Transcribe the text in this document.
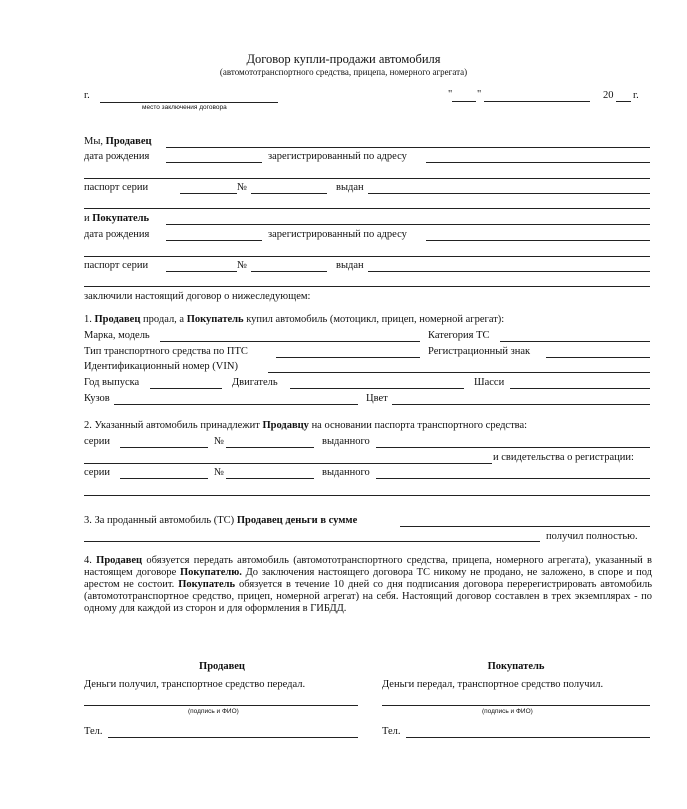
Договор купли-продажи автомобиля
(автомототранспортного средства, прицепа, номерного агрегата)
г.
место заключения договора
" "	20 г.
Мы, Продавец
дата рождения	зарегистрированный по адресу
паспорт серии	№	выдан
и Покупатель
дата рождения	зарегистрированный по адресу
паспорт серии	№	выдан
заключили настоящий договор о нижеследующем:
1. Продавец продал, а Покупатель купил автомобиль (мотоцикл, прицеп, номерной агрегат):
Марка, модель	Категория ТС
Тип транспортного средства по ПТС	Регистрационный знак
Идентификационный номер (VIN)
Год выпуска	Двигатель	Шасси
Кузов	Цвет
2. Указанный автомобиль принадлежит Продавцу на основании паспорта транспортного средства:
серии	№	выданного
и свидетельства о регистрации:
серии	№	выданного
3. За проданный автомобиль (ТС) Продавец деньги в сумме
получил полностью.
4. Продавец обязуется передать автомобиль (автомототранспортного средства, прицепа, номерного агрегата), указанный в настоящем договоре Покупателю. До заключения настоящего договора ТС никому не продано, не заложено, в споре и под арестом не состоит. Покупатель обязуется в течение 10 дней со дня подписания договора перерегистрировать автомобиль (автомототранспортное средство, прицеп, номерной агрегат) на себя. Настоящий договор составлен в трех экземплярах - по одному для каждой из сторон и для оформления в ГИБДД.
Продавец
Деньги получил, транспортное средство передал.
(подпись и ФИО)
Тел.
Покупатель
Деньги передал, транспортное средство получил.
(подпись и ФИО)
Тел.
